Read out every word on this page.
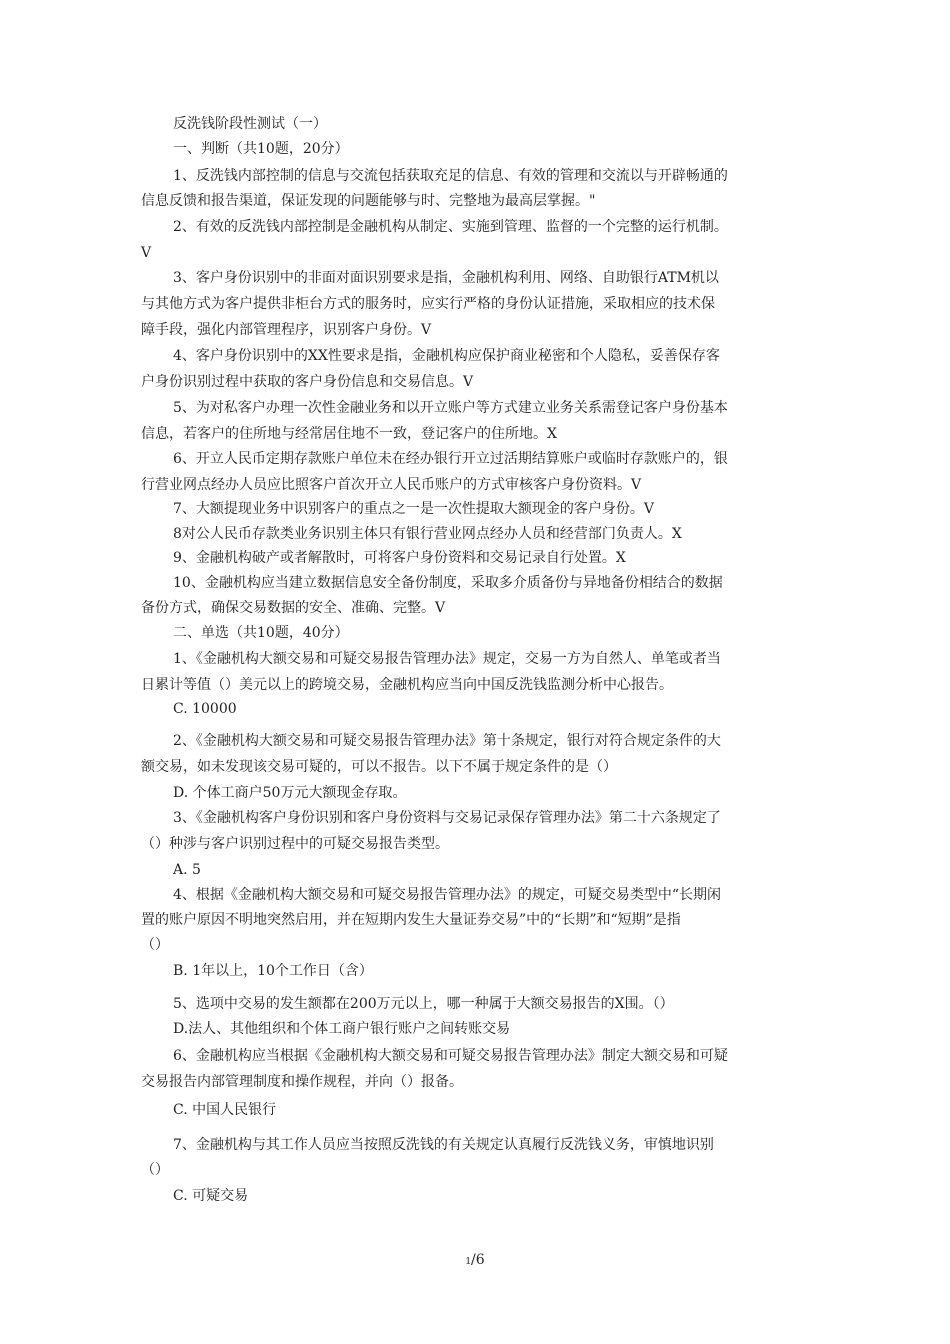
反洗钱阶段性测试（一）
一、判断（共10题，20分）
1、反洗钱内部控制的信息与交流包括获取充足的信息、有效的管理和交流以与开辟畅通的
信息反馈和报告渠道，保证发现的问题能够与时、完整地为最高层掌握。"
2、有效的反洗钱内部控制是金融机构从制定、实施到管理、监督的一个完整的运行机制。
V
3、客户身份识别中的非面对面识别要求是指，金融机构利用、网络、自助银行ATM机以
与其他方式为客户提供非柜台方式的服务时，应实行严格的身份认证措施，采取相应的技术保
障手段，强化内部管理程序，识别客户身份。V
4、客户身份识别中的XX性要求是指，金融机构应保护商业秘密和个人隐私，妥善保存客
户身份识别过程中获取的客户身份信息和交易信息。V
5、为对私客户办理一次性金融业务和以开立账户等方式建立业务关系需登记客户身份基本
信息，若客户的住所地与经常居住地不一致，登记客户的住所地。X
6、开立人民币定期存款账户单位未在经办银行开立过活期结算账户或临时存款账户的，银
行营业网点经办人员应比照客户首次开立人民币账户的方式审核客户身份资料。V
7、大额提现业务中识别客户的重点之一是一次性提取大额现金的客户身份。V
8对公人民币存款类业务识别主体只有银行营业网点经办人员和经营部门负责人。X
9、金融机构破产或者解散时，可将客户身份资料和交易记录自行处置。X
10、金融机构应当建立数据信息安全备份制度，采取多介质备份与异地备份相结合的数据
备份方式，确保交易数据的安全、准确、完整。V
二、单选（共10题，40分）
1、《金融机构大额交易和可疑交易报告管理办法》规定，交易一方为自然人、单笔或者当
日累计等值（）美元以上的跨境交易，金融机构应当向中国反洗钱监测分析中心报告。
C. 10000
2、《金融机构大额交易和可疑交易报告管理办法》第十条规定，银行对符合规定条件的大
额交易，如未发现该交易可疑的，可以不报告。以下不属于规定条件的是（）
D. 个体工商户50万元大额现金存取。
3、《金融机构客户身份识别和客户身份资料与交易记录保存管理办法》第二十六条规定了
（）种涉与客户识别过程中的可疑交易报告类型。
A. 5
4、根据《金融机构大额交易和可疑交易报告管理办法》的规定，可疑交易类型中“长期闲
置的账户原因不明地突然启用，并在短期内发生大量证券交易”中的“长期”和“短期”是指
（）
B. 1年以上，10个工作日（含）
5、选项中交易的发生额都在200万元以上，哪一种属于大额交易报告的X围。（）
D.法人、其他组织和个体工商户银行账户之间转账交易
6、金融机构应当根据《金融机构大额交易和可疑交易报告管理办法》制定大额交易和可疑
交易报告内部管理制度和操作规程，并向（）报备。
C. 中国人民银行
7、金融机构与其工作人员应当按照反洗钱的有关规定认真履行反洗钱义务，审慎地识别
（）
C. 可疑交易
1/6
